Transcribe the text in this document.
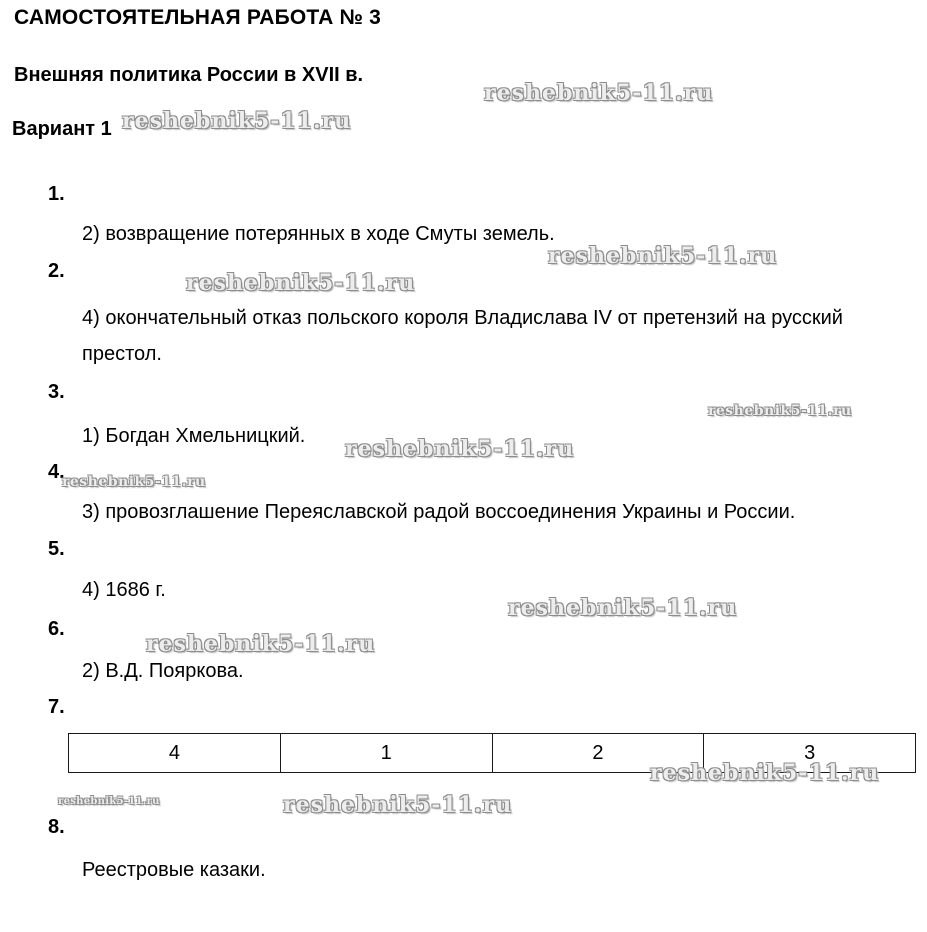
САМОСТОЯТЕЛЬНАЯ РАБОТА № 3
Внешняя политика России в XVII в.
Вариант 1
1.
2) возвращение потерянных в ходе Смуты земель.
2.
4) окончательный отказ польского короля Владислава IV от претензий на русский престол.
3.
1) Богдан Хмельницкий.
4.
3) провозглашение Переяславской радой воссоединения Украины и России.
5.
4) 1686 г.
6.
2) В.Д. Пояркова.
7.
4	1	2	3
8.
Реестровые казаки.
reshebnik5-11.ru
reshebnik5-11.ru
reshebnik5-11.ru
reshebnik5-11.ru
reshebnik5-11.ru
reshebnik5-11.ru
reshebnik5-11.ru
reshebnik5-11.ru
reshebnik5-11.ru
reshebnik5-11.ru
reshebnik5-11.ru	reshebnik5-11.ru
